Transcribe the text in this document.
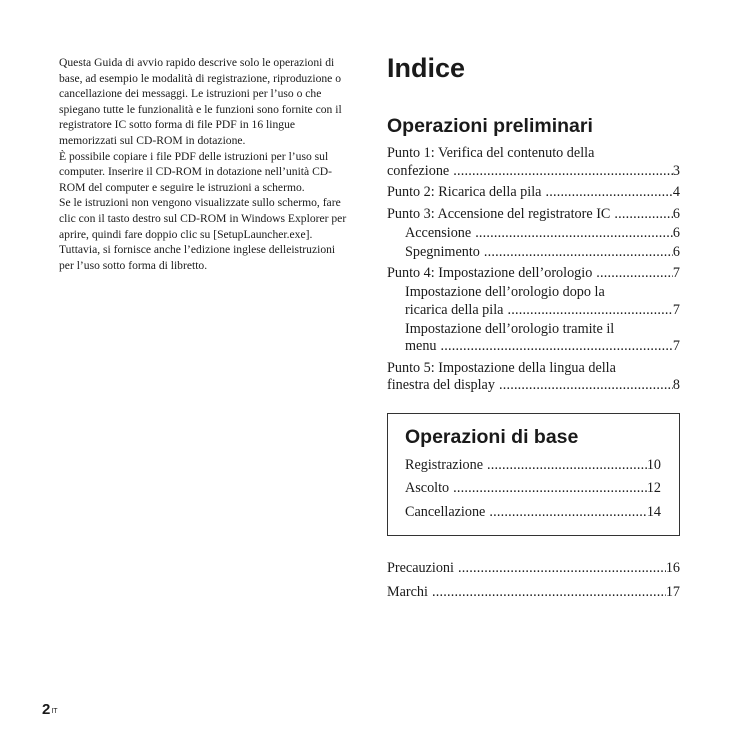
Questa Guida di avvio rapido descrive solo le operazioni di base, ad esempio le modalità di registrazione, riproduzione o cancellazione dei messaggi. Le istruzioni per l’uso o che spiegano tutte le funzionalità e le funzioni sono fornite con il registratore IC sotto forma di file PDF in 16 lingue memorizzati sul CD-ROM in dotazione.

È possibile copiare i file PDF delle istruzioni per l’uso sul computer. Inserire il CD-ROM in dotazione nell’unità CD-ROM del computer e seguire le istruzioni a schermo.

Se le istruzioni non vengono visualizzate sullo schermo, fare clic con il tasto destro sul CD-ROM in Windows Explorer per aprire, quindi fare doppio clic su [SetupLauncher.exe].

Tuttavia, si fornisce anche l’edizione inglese delleistruzioni per l’uso sotto forma di libretto.

Indice
Operazioni preliminari
Punto 1: Verifica del contenuto della
confezione .....	3
Punto 2: Ricarica della pila .....	4
Punto 3: Accensione del registratore IC .....	6
Accensione .....	6
Spegnimento .....	6
Punto 4: Impostazione dell’orologio .....	7
Impostazione dell’orologio dopo la
ricarica della pila .....	7
Impostazione dell’orologio tramite il
menu .....	7
Punto 5: Impostazione della lingua della
finestra del display .....	8
Operazioni di base
Registrazione .....	10
Ascolto .....	12
Cancellazione .....	14
Precauzioni .....	16
Marchi .....	17
$2^{IT}$
